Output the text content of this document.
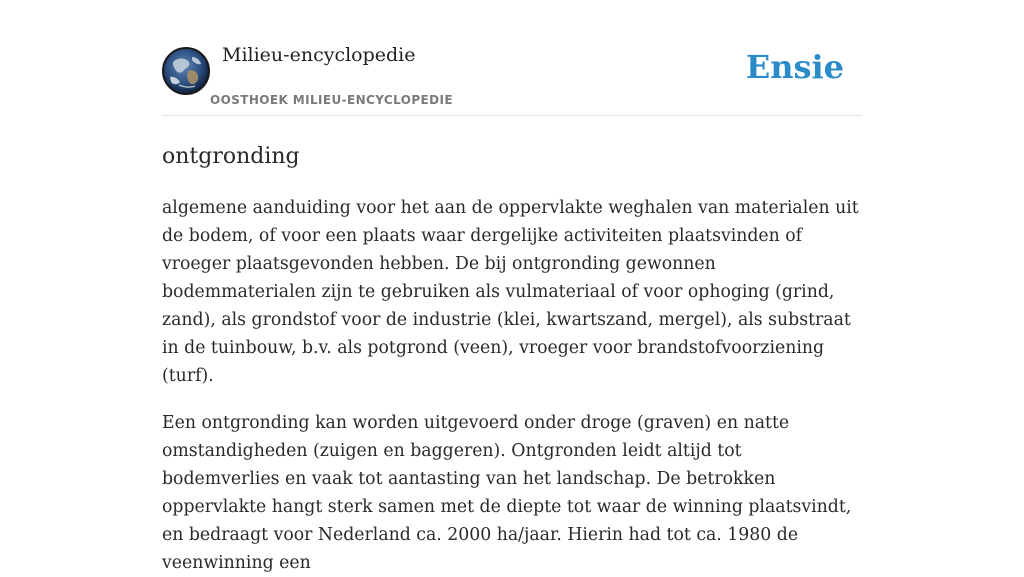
Milieu-encyclopedie
OOSTHOEK MILIEU-ENCYCLOPEDIE
Ensie
ontgronding

algemene aanduiding voor het aan de oppervlakte weghalen van materialen uit de bodem, of voor een plaats waar dergelijke activiteiten plaatsvinden of vroeger plaatsgevonden hebben. De bij ontgronding gewonnen bodemmaterialen zijn te gebruiken als vulmateriaal of voor ophoging (grind, zand), als grondstof voor de industrie (klei, kwartszand, mergel), als substraat in de tuinbouw, b.v. als potgrond (veen), vroeger voor brandstofvoorziening (turf).

Een ontgronding kan worden uitgevoerd onder droge (graven) en natte omstandigheden (zuigen en baggeren). Ontgronden leidt altijd tot bodemverlies en vaak tot aantasting van het landschap. De betrokken oppervlakte hangt sterk samen met de diepte tot waar de winning plaatsvindt, en bedraagt voor Nederland ca. 2000 ha/jaar. Hierin had tot ca. 1980 de veenwinning een
